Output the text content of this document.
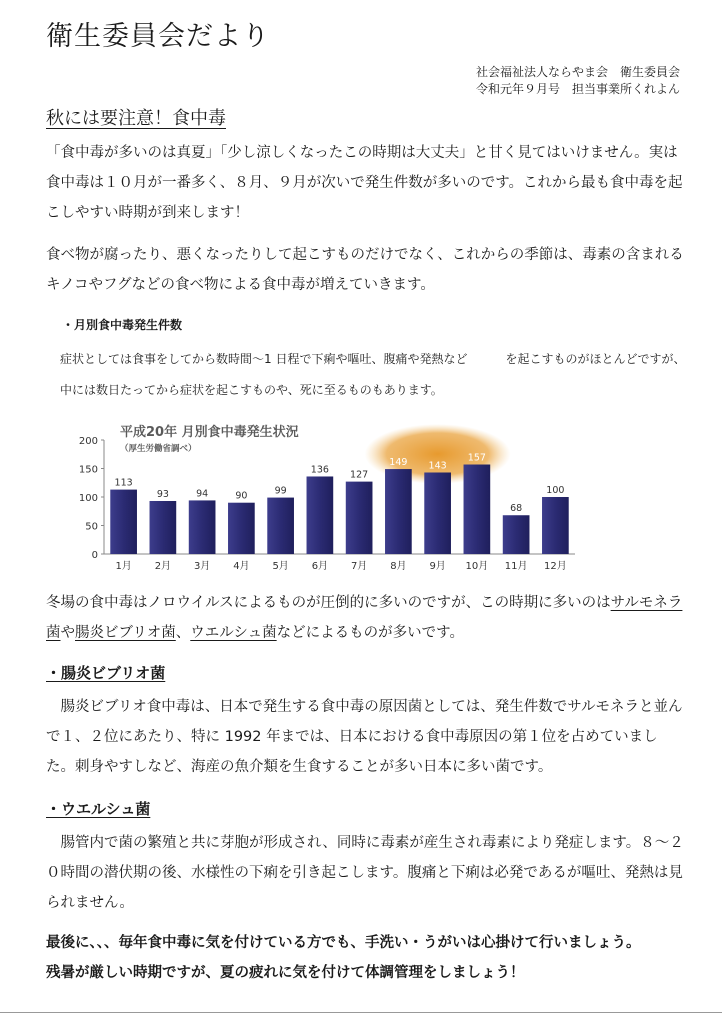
衛生委員会だより
社会福祉法人ならやま会　衛生委員会
令和元年９月号　担当事業所くれよん
秋には要注意！食中毒

「食中毒が多いのは真夏」「少し涼しくなったこの時期は大丈夫」と甘く見てはいけません。実は食中毒は１０月が一番多く、８月、９月が次いで発生件数が多いのです。これから最も食中毒を起こしやすい時期が到来します！

食べ物が腐ったり、悪くなったりして起こすものだけでなく、これからの季節は、毒素の含まれるキノコやフグなどの食べ物による食中毒が増えていきます。

・月別食中毒発生件数

症状としては食事をしてから数時間〜1 日程で下痢や嘔吐、腹痛や発熱など	を起こすものがほとんどですが、中には数日たってから症状を起こすものや、死に至るものもあります。

平成20年 月別食中毒発生状況
（厚生労働省調べ）
0
50
100
150
200
113
93	94	90	99
136 127
149 143
157
68
100
1月 2月 3月 4月 5月 6月 7月 8月 9月 10月 11月 12月

冬場の食中毒はノロウイルスによるものが圧倒的に多いのですが、この時期に多いのはサルモネラ菌や腸炎ビブリオ菌、ウエルシュ菌などによるものが多いです。

・腸炎ビブリオ菌

腸炎ビブリオ食中毒は、日本で発生する食中毒の原因菌としては、発生件数でサルモネラと並んで１、２位にあたり、特に 1992 年までは、日本における食中毒原因の第１位を占めていました。刺身やすしなど、海産の魚介類を生食することが多い日本に多い菌です。

・ウエルシュ菌

腸管内で菌の繁殖と共に芽胞が形成され、同時に毒素が産生され毒素により発症します。８〜２０時間の潜伏期の後、水様性の下痢を引き起こします。腹痛と下痢は必発であるが嘔吐、発熱は見られません。

最後に、、、毎年食中毒に気を付けている方でも、手洗い・うがいは心掛けて行いましょう。
残暑が厳しい時期ですが、夏の疲れに気を付けて体調管理をしましょう！
